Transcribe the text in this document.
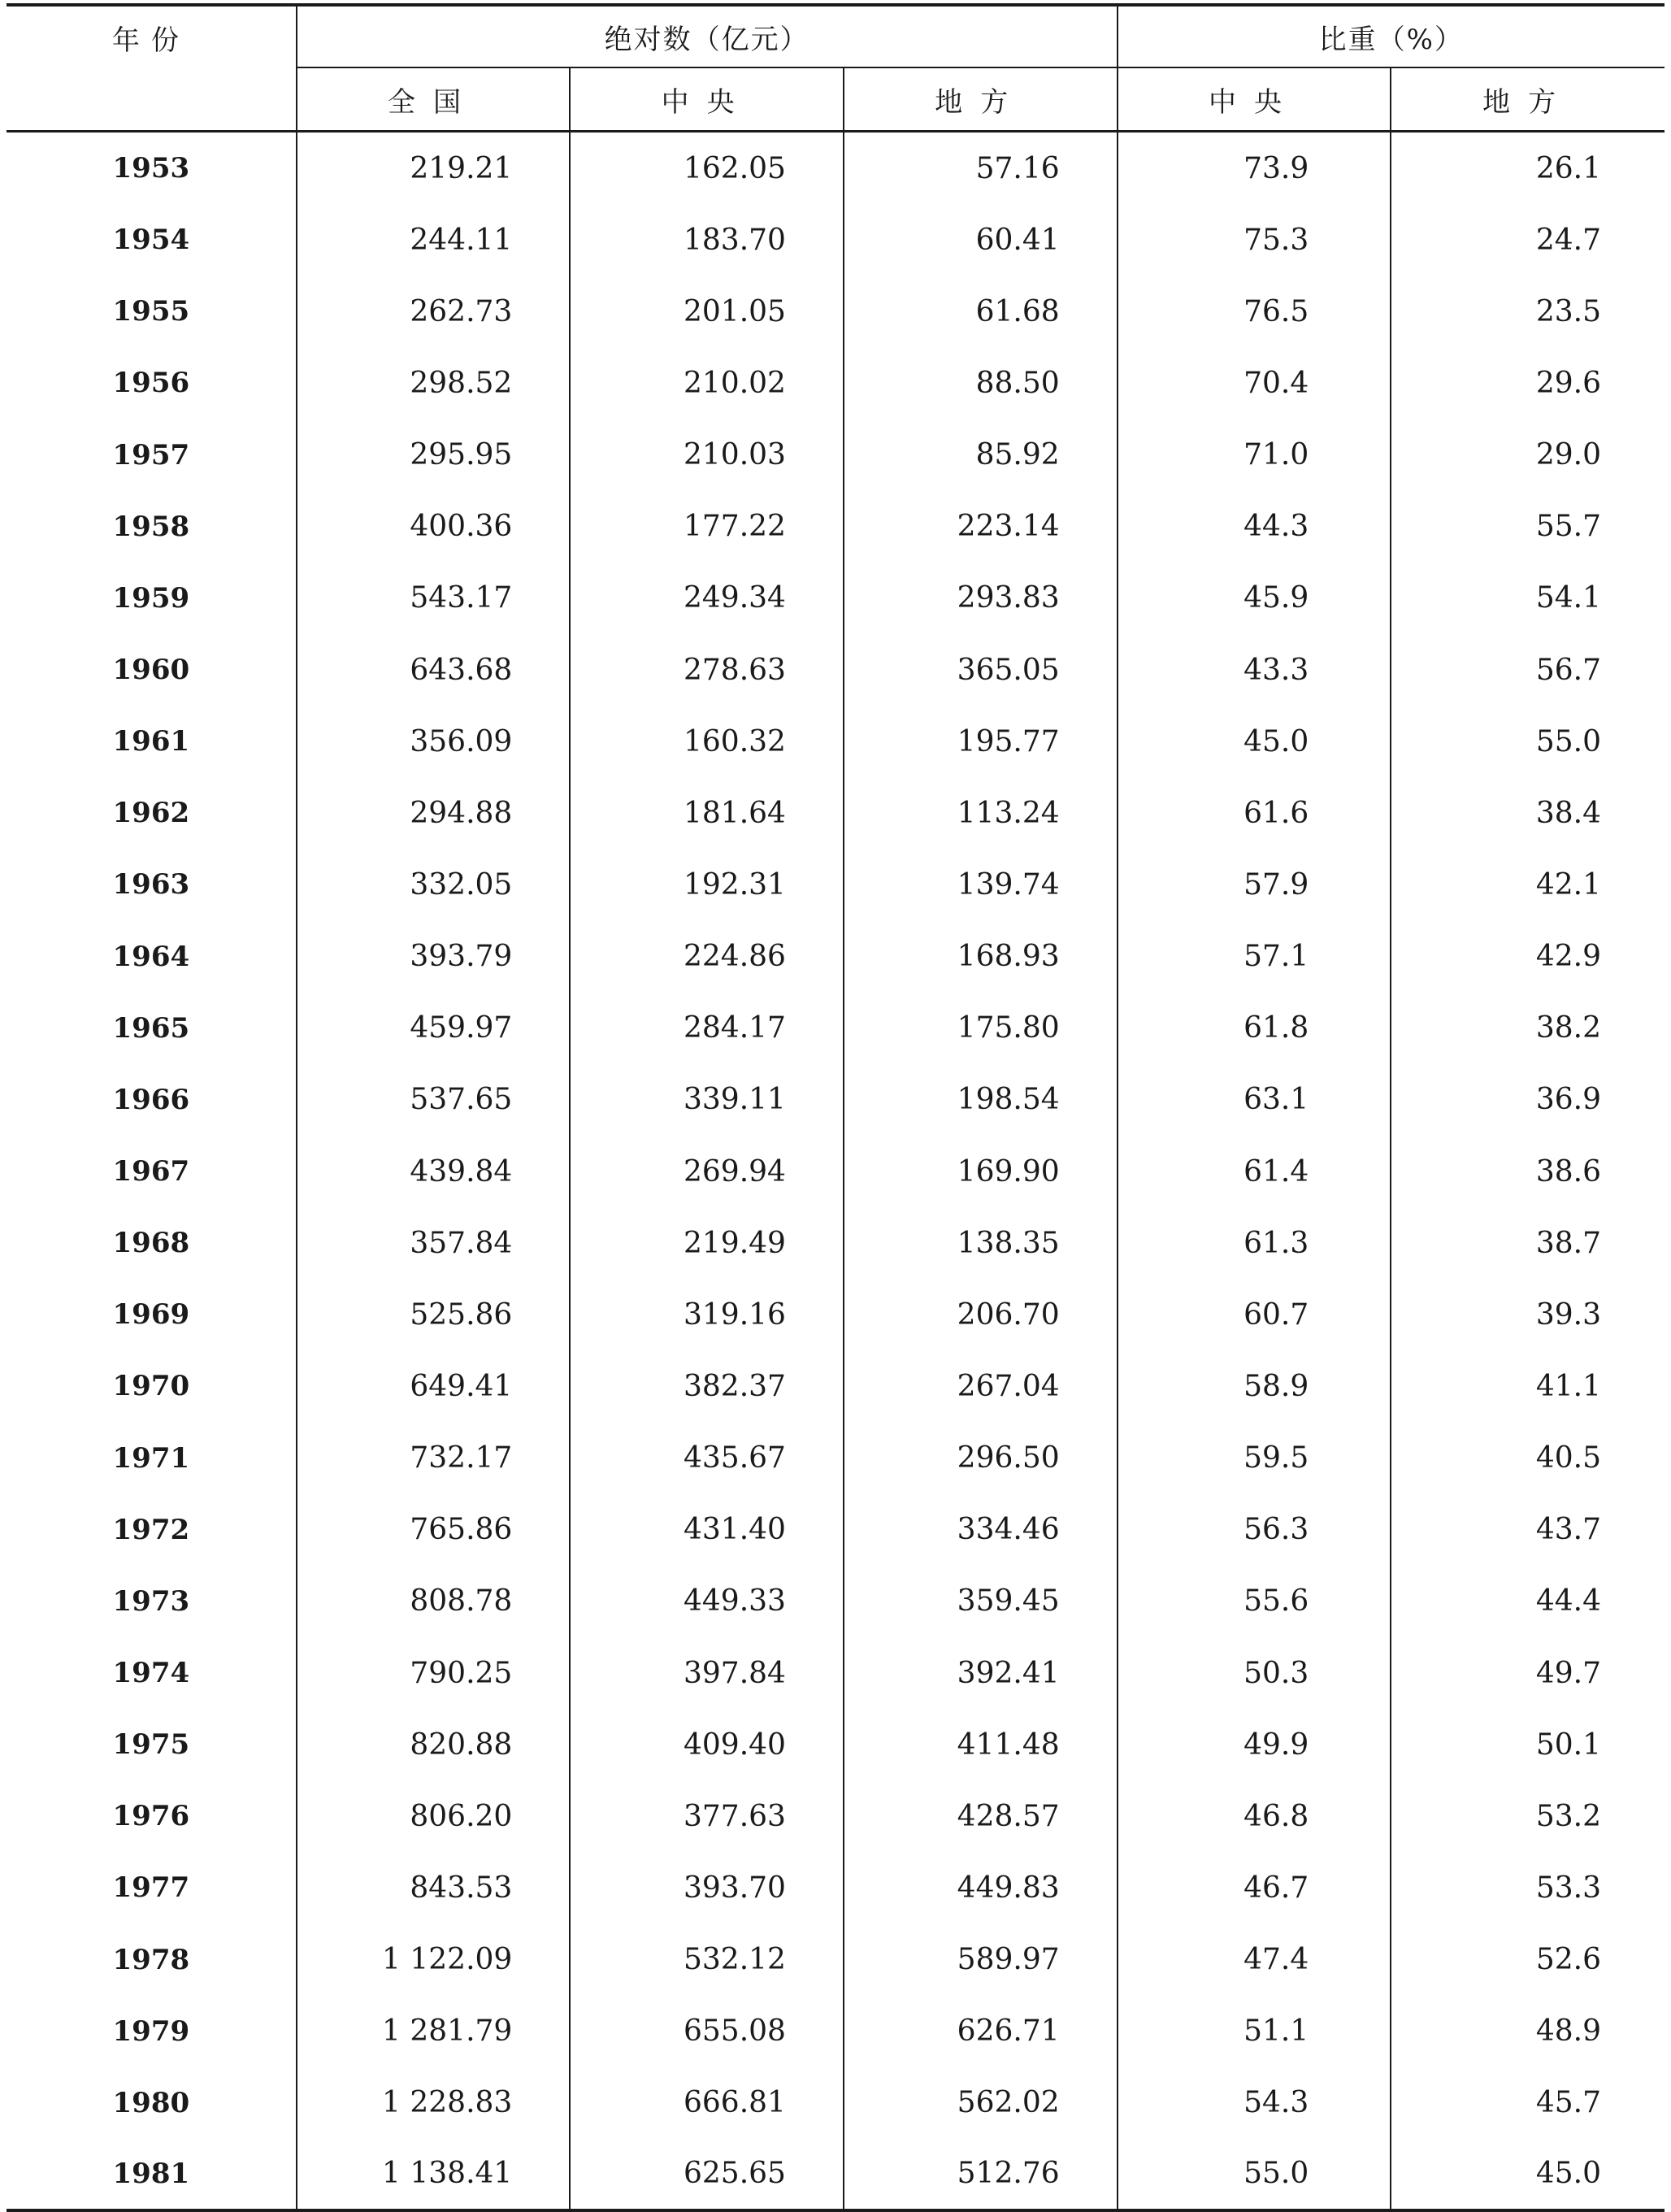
年份	绝对数（亿元）			比重（%）	
	全国	中央	地方	中央	地方
1953	219.21	162.05	57.16	73.9	26.1
1954	244.11	183.70	60.41	75.3	24.7
1955	262.73	201.05	61.68	76.5	23.5
1956	298.52	210.02	88.50	70.4	29.6
1957	295.95	210.03	85.92	71.0	29.0
1958	400.36	177.22	223.14	44.3	55.7
1959	543.17	249.34	293.83	45.9	54.1
1960	643.68	278.63	365.05	43.3	56.7
1961	356.09	160.32	195.77	45.0	55.0
1962	294.88	181.64	113.24	61.6	38.4
1963	332.05	192.31	139.74	57.9	42.1
1964	393.79	224.86	168.93	57.1	42.9
1965	459.97	284.17	175.80	61.8	38.2
1966	537.65	339.11	198.54	63.1	36.9
1967	439.84	269.94	169.90	61.4	38.6
1968	357.84	219.49	138.35	61.3	38.7
1969	525.86	319.16	206.70	60.7	39.3
1970	649.41	382.37	267.04	58.9	41.1
1971	732.17	435.67	296.50	59.5	40.5
1972	765.86	431.40	334.46	56.3	43.7
1973	808.78	449.33	359.45	55.6	44.4
1974	790.25	397.84	392.41	50.3	49.7
1975	820.88	409.40	411.48	49.9	50.1
1976	806.20	377.63	428.57	46.8	53.2
1977	843.53	393.70	449.83	46.7	53.3
1978	1 122.09	532.12	589.97	47.4	52.6
1979	1 281.79	655.08	626.71	51.1	48.9
1980	1 228.83	666.81	562.02	54.3	45.7
1981	1 138.41	625.65	512.76	55.0	45.0
